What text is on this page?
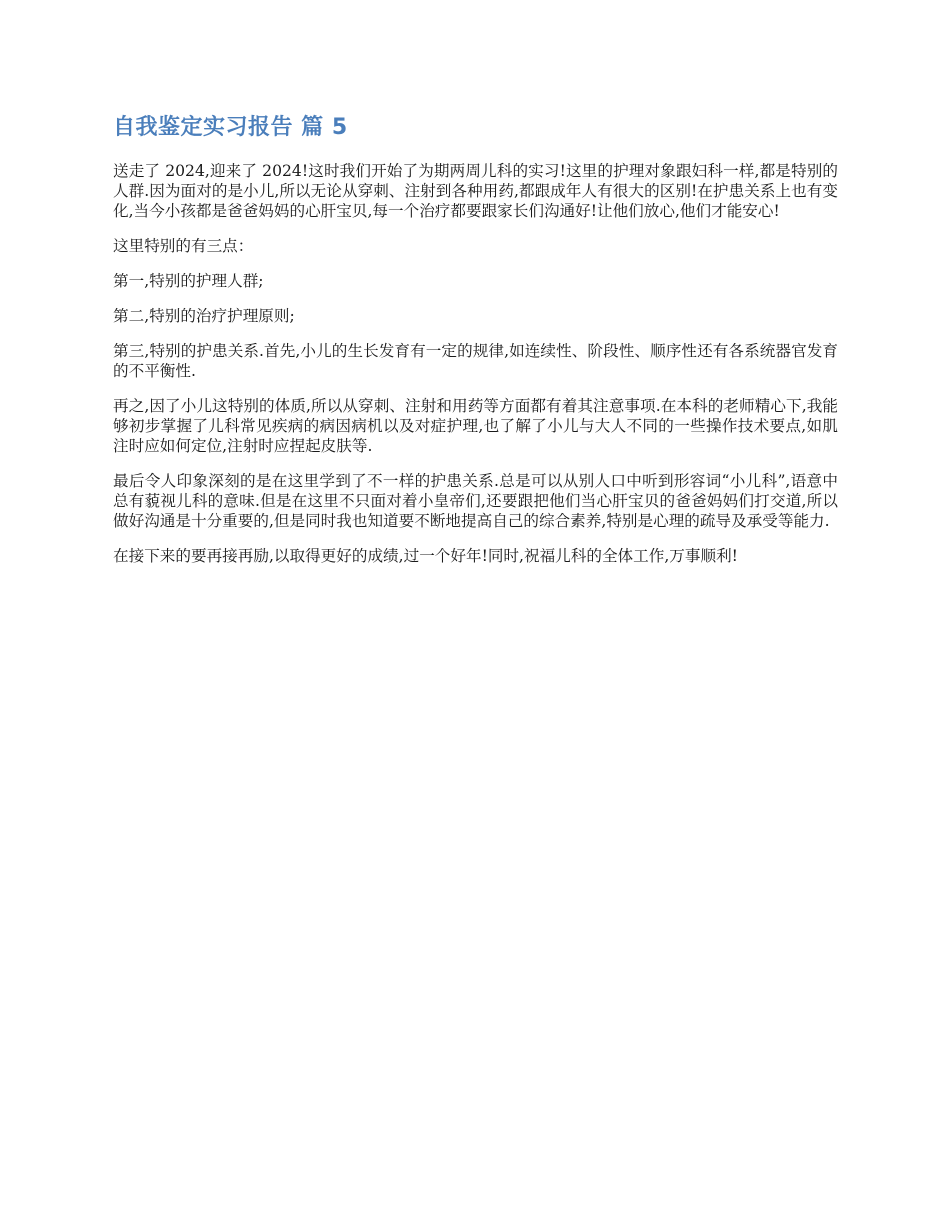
自我鉴定实习报告 篇 5

送走了 2024,迎来了 2024!这时我们开始了为期两周儿科的实习!这里的护理对象跟妇科一样,都是特别的人群.因为面对的是小儿,所以无论从穿刺、注射到各种用药,都跟成年人有很大的区别!在护患关系上也有变化,当今小孩都是爸爸妈妈的心肝宝贝,每一个治疗都要跟家长们沟通好!让他们放心,他们才能安心!

这里特别的有三点：

第一,特别的护理人群;

第二,特别的治疗护理原则;

第三,特别的护患关系.首先,小儿的生长发育有一定的规律,如连续性、阶段性、顺序性还有各系统器官发育的不平衡性.

再之,因了小儿这特别的体质,所以从穿刺、注射和用药等方面都有着其注意事项.在本科的老师精心下,我能够初步掌握了儿科常见疾病的病因病机以及对症护理,也了解了小儿与大人不同的一些操作技术要点,如肌注时应如何定位,注射时应捏起皮肤等.

最后令人印象深刻的是在这里学到了不一样的护患关系.总是可以从别人口中听到形容词“小儿科”,语意中总有藐视儿科的意味.但是在这里不只面对着小皇帝们,还要跟把他们当心肝宝贝的爸爸妈妈们打交道,所以做好沟通是十分重要的,但是同时我也知道要不断地提高自己的综合素养,特别是心理的疏导及承受等能力.

在接下来的要再接再励,以取得更好的成绩,过一个好年!同时,祝福儿科的全体工作,万事顺利!
